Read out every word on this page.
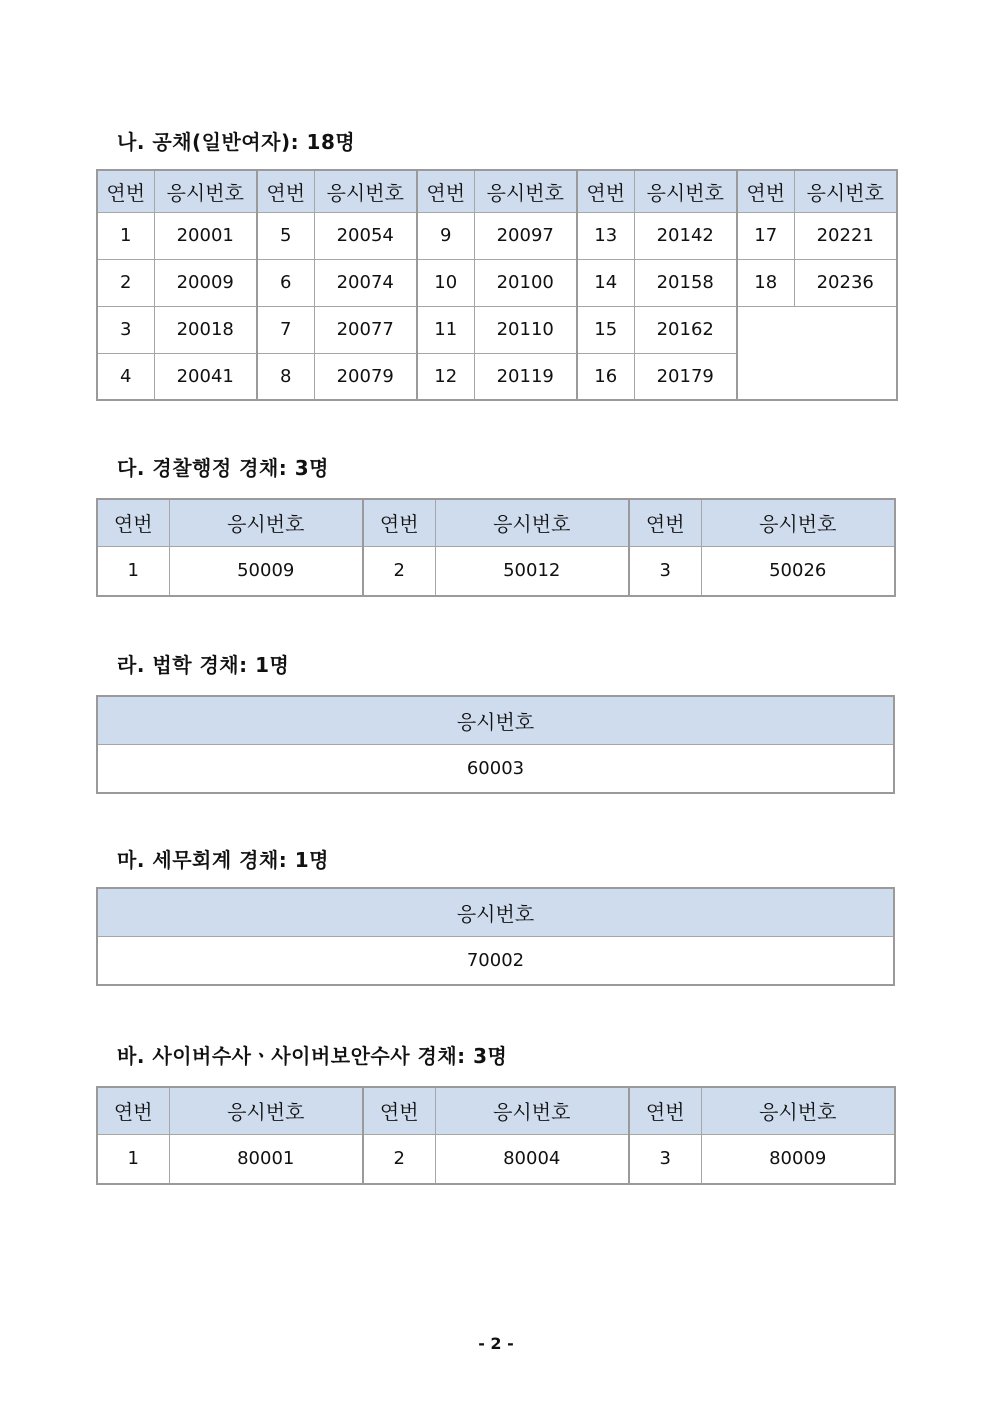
나. 공채(일반여자): 18명
연번	응시번호	연번	응시번호	연번	응시번호	연번	응시번호	연번	응시번호
1	20001	5	20054	9	20097	13	20142	17	20221
2	20009	6	20074	10	20100	14	20158	18	20236
3	20018	7	20077	11	20110	15	20162		
4	20041	8	20079	12	20119	16	20179		
다. 경찰행정 경채: 3명
연번	응시번호	연번	응시번호	연번	응시번호
1	50009	2	50012	3	50026
라. 법학 경채: 1명
응시번호
60003
마. 세무회계 경채: 1명
응시번호
70002
바. 사이버수사ㆍ사이버보안수사 경채: 3명
연번	응시번호	연번	응시번호	연번	응시번호
1	80001	2	80004	3	80009
- 2 -
